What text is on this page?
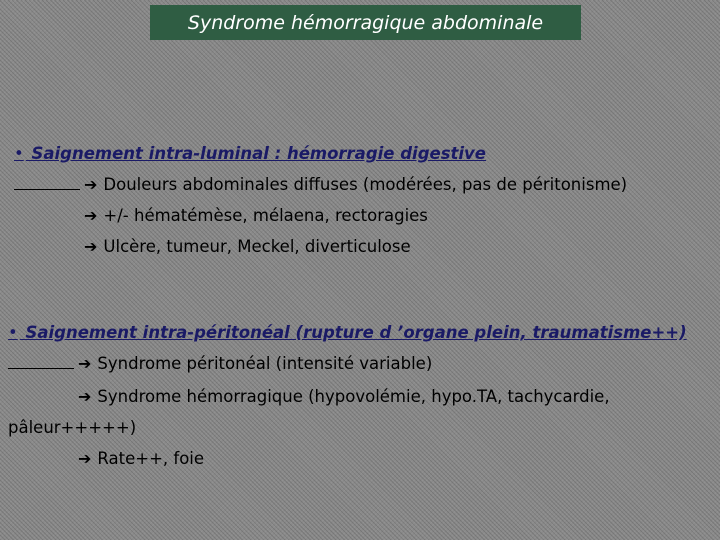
Syndrome hémorragique abdominale
• Saignement intra-luminal : hémorragie digestive
➔ Douleurs abdominales diffuses (modérées, pas de péritonisme)
➔ +/- hématémèse, mélaena, rectoragies
➔ Ulcère, tumeur, Meckel, diverticulose
• Saignement intra-péritonéal (rupture d ’organe plein, traumatisme++)
➔ Syndrome péritonéal (intensité variable)
➔ Syndrome hémorragique (hypovolémie, hypo.TA, tachycardie,
pâleur+++++)
➔ Rate++, foie
